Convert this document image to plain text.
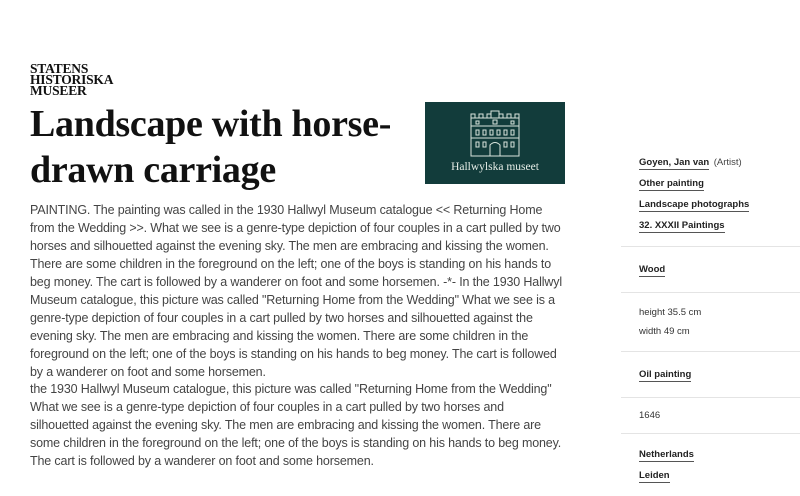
STATENS
HISTORISKA
MUSEER
Landscape with horse-drawn carriage	Hallwylska museet

PAINTING. The painting was called in the 1930 Hallwyl Museum catalogue << Returning Home from the Wedding >>. What we see is a genre-type depiction of four couples in a cart pulled by two horses and silhouetted against the evening sky. The men are embracing and kissing the women. There are some children in the foreground on the left; one of the boys is standing on his hands to beg money. The cart is followed by a wanderer on foot and some horsemen. -*- In the 1930 Hallwyl Museum catalogue, this picture was called "Returning Home from the Wedding" What we see is a genre-type depiction of four couples in a cart pulled by two horses and silhouetted against the evening sky. The men are embracing and kissing the women. There are some children in the foreground on the left; one of the boys is standing on his hands to beg money. The cart is followed by a wanderer on foot and some horsemen.

the 1930 Hallwyl Museum catalogue, this picture was called "Returning Home from the Wedding" What we see is a genre-type depiction of four couples in a cart pulled by two horses and silhouetted against the evening sky. The men are embracing and kissing the women. There are some children in the foreground on the left; one of the boys is standing on his hands to beg money. The cart is followed by a wanderer on foot and some horsemen.

Goyen, Jan van (Artist)
Other painting
Landscape photographs
32. XXXII Paintings
Wood
height 35.5 cm
width 49 cm
Oil painting
1646
Netherlands
Leiden
